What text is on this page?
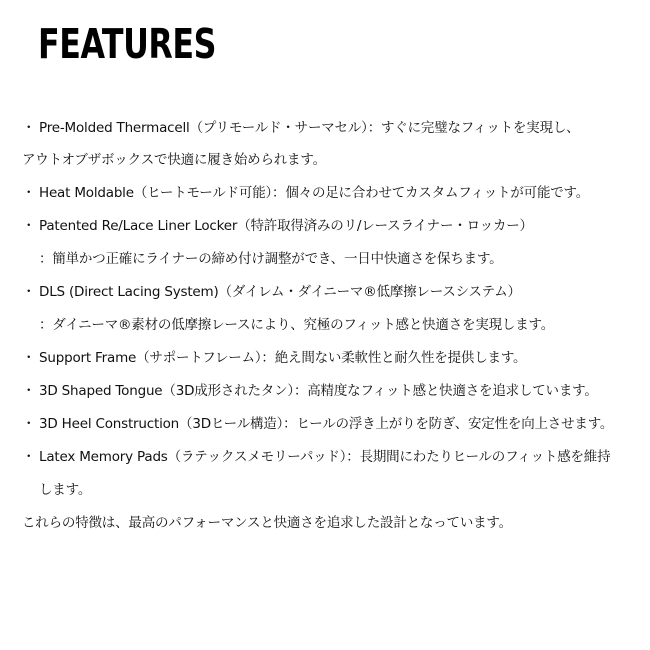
FEATURES
・ Pre-Molded Thermacell（プリモールド・サーマセル）：すぐに完璧なフィットを実現し、
アウトオブザボックスで快適に履き始められます。
・ Heat Moldable（ヒートモールド可能）：個々の足に合わせてカスタムフィットが可能です。
・ Patented Re/Lace Liner Locker（特許取得済みのリ/レースライナー・ロッカー）
：簡単かつ正確にライナーの締め付け調整ができ、一日中快適さを保ちます。
・ DLS (Direct Lacing System)（ダイレム・ダイニーマ®低摩擦レースシステム）
：ダイニーマ®素材の低摩擦レースにより、究極のフィット感と快適さを実現します。
・ Support Frame（サポートフレーム）：絶え間ない柔軟性と耐久性を提供します。
・ 3D Shaped Tongue（3D成形されたタン）：高精度なフィット感と快適さを追求しています。
・ 3D Heel Construction（3Dヒール構造）：ヒールの浮き上がりを防ぎ、安定性を向上させます。
・ Latex Memory Pads（ラテックスメモリーパッド）：長期間にわたりヒールのフィット感を維持
します。
これらの特徴は、最高のパフォーマンスと快適さを追求した設計となっています。
